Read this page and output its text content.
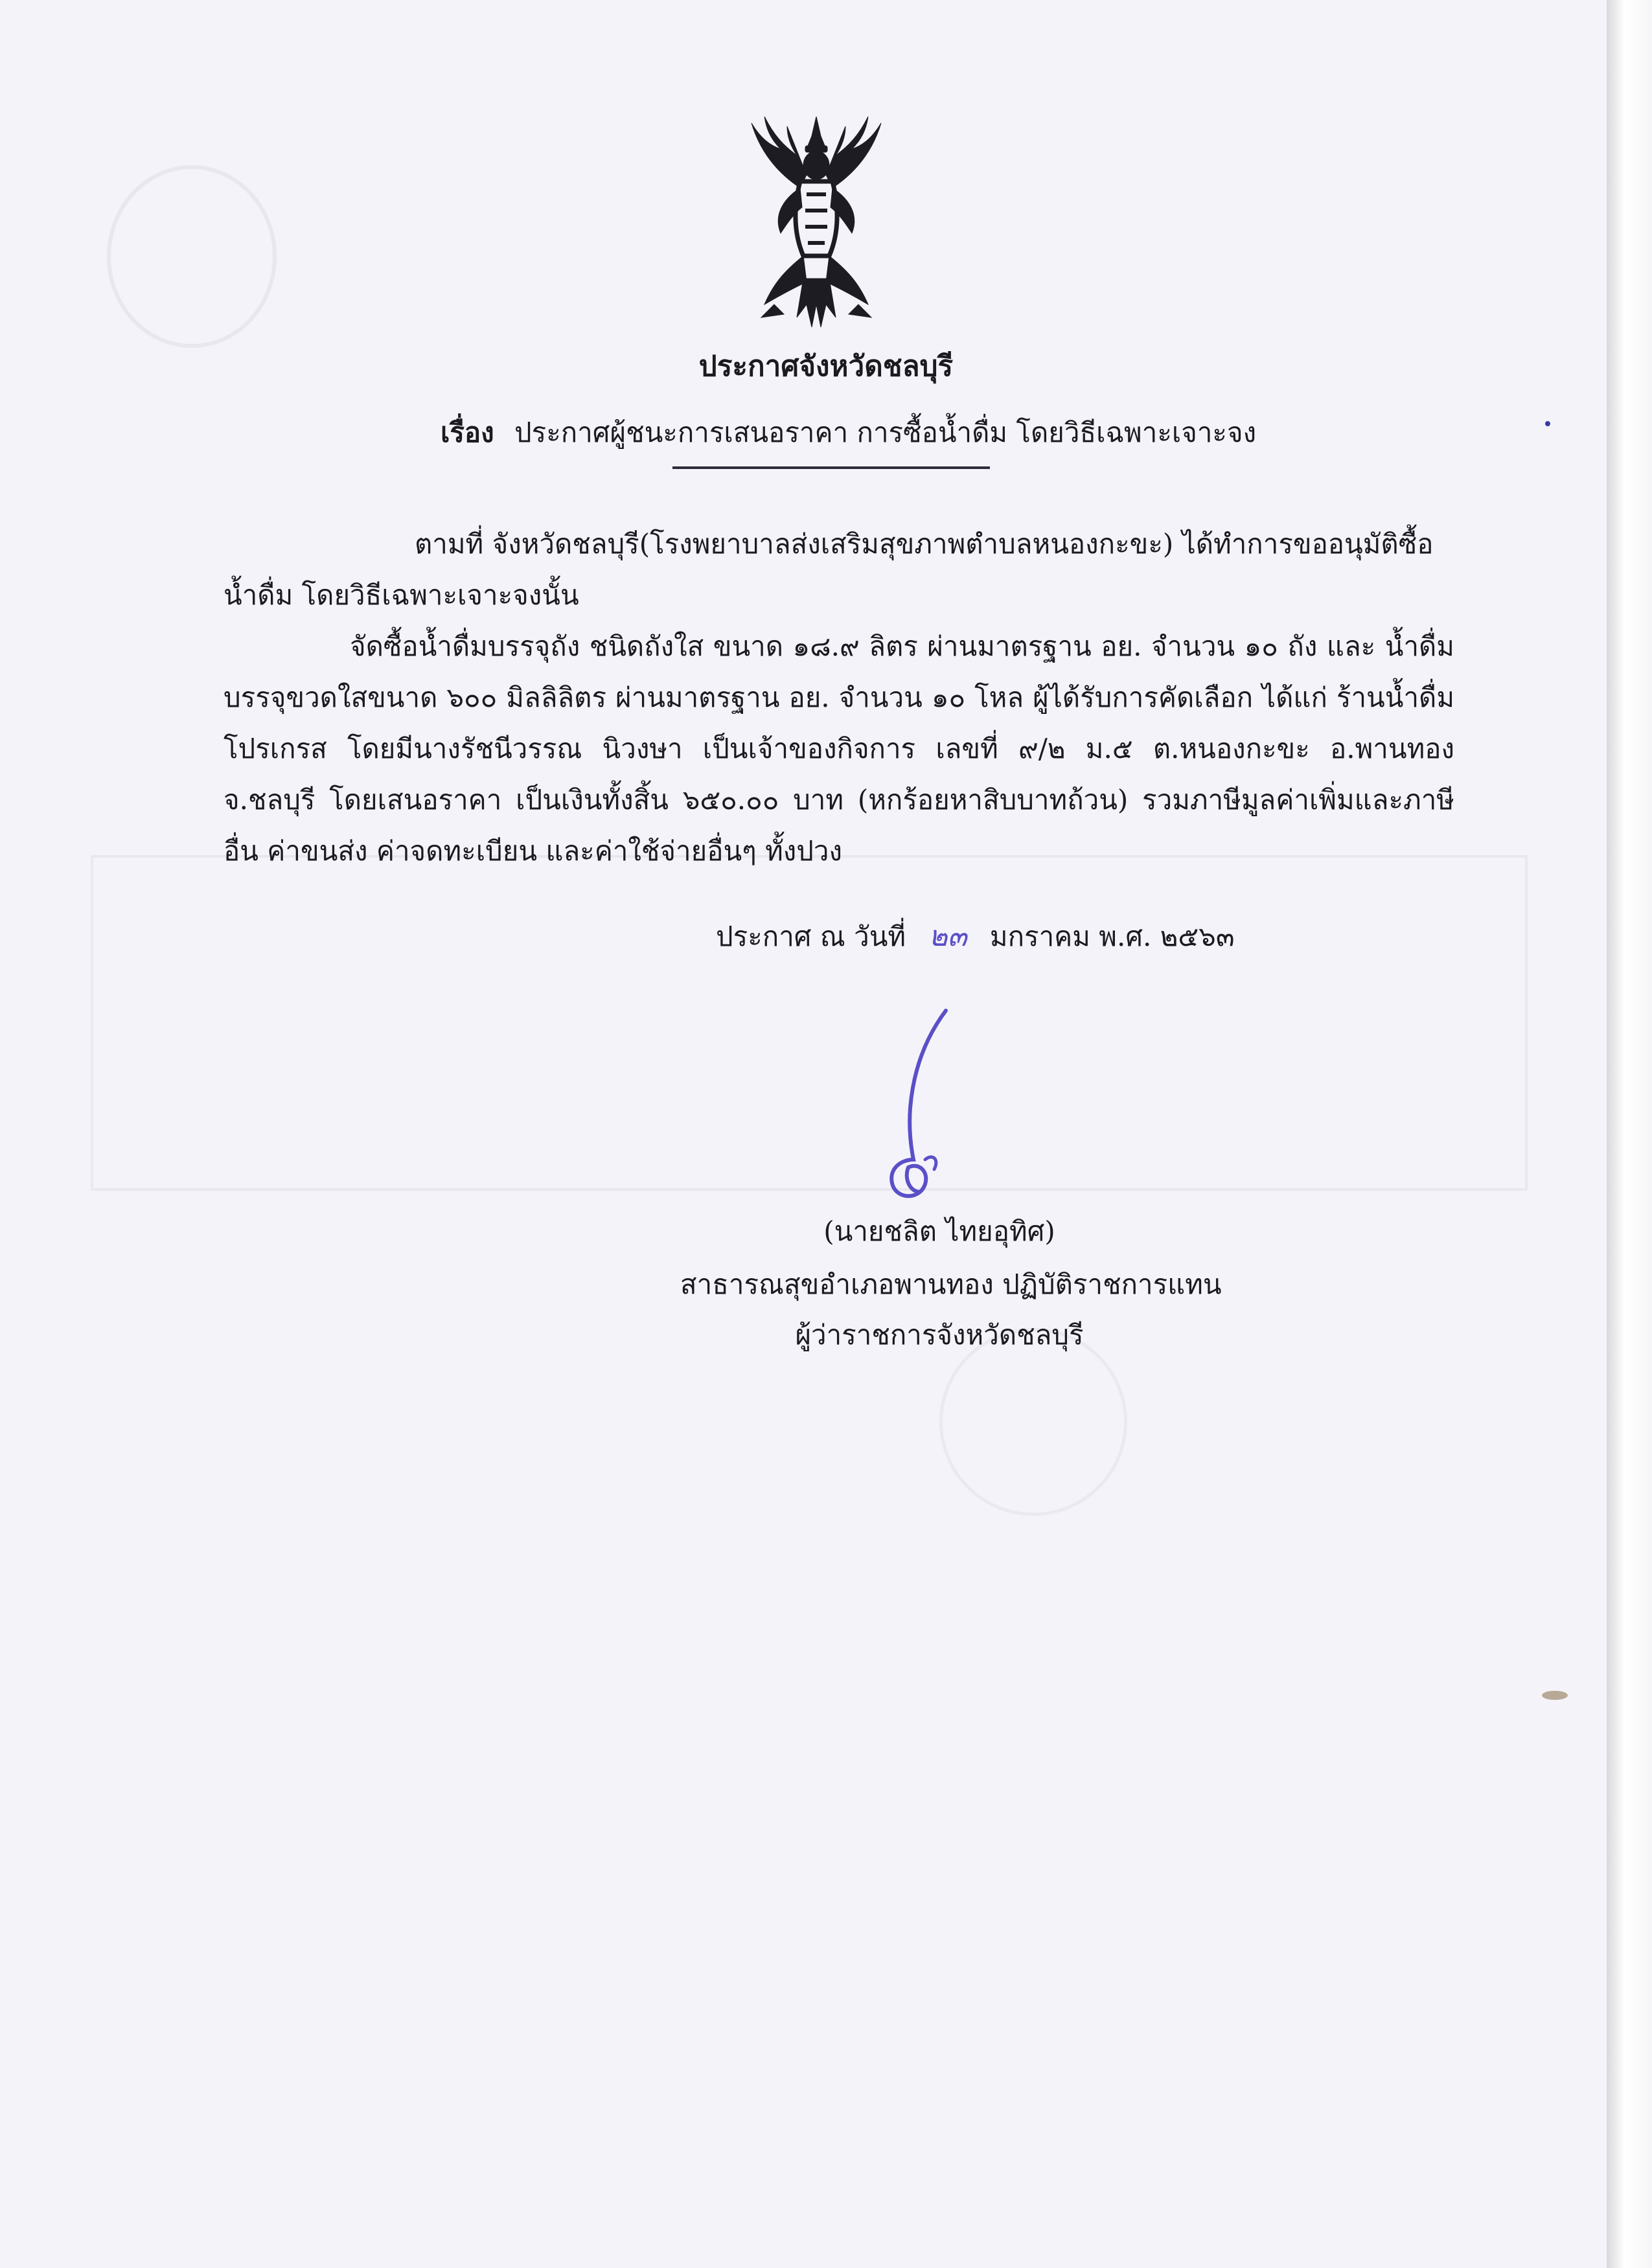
ประกาศจังหวัดชลบุรี
เรื่อง ประกาศผู้ชนะการเสนอราคา การซื้อน้ำดื่ม โดยวิธีเฉพาะเจาะจง
ตามที่ จังหวัดชลบุรี(โรงพยาบาลส่งเสริมสุขภาพตำบลหนองกะขะ) ได้ทำการขออนุมัติซื้อน้ำดื่ม โดยวิธีเฉพาะเจาะจงนั้น
จัดซื้อน้ำดื่มบรรจุถัง ชนิดถังใส ขนาด ๑๘.๙ ลิตร ผ่านมาตรฐาน อย. จำนวน ๑๐ ถัง และ น้ำดื่มบรรจุขวดใสขนาด ๖๐๐ มิลลิลิตร ผ่านมาตรฐาน อย. จำนวน ๑๐ โหล ผู้ได้รับการคัดเลือก ได้แก่ ร้านน้ำดื่มโปรเกรส โดยมีนางรัชนีวรรณ นิวงษา เป็นเจ้าของกิจการ เลขที่ ๙/๒ ม.๕ ต.หนองกะขะ อ.พานทอง จ.ชลบุรี โดยเสนอราคา เป็นเงินทั้งสิ้น ๖๕๐.๐๐ บาท (หกร้อยหาสิบบาทถ้วน) รวมภาษีมูลค่าเพิ่มและภาษีอื่น ค่าขนส่ง ค่าจดทะเบียน และค่าใช้จ่ายอื่นๆ ทั้งปวง
ประกาศ ณ วันที่ ๒๓ มกราคม พ.ศ. ๒๕๖๓
(นายชลิต ไทยอุทิศ)
สาธารณสุขอำเภอพานทอง ปฏิบัติราชการแทน
ผู้ว่าราชการจังหวัดชลบุรี
